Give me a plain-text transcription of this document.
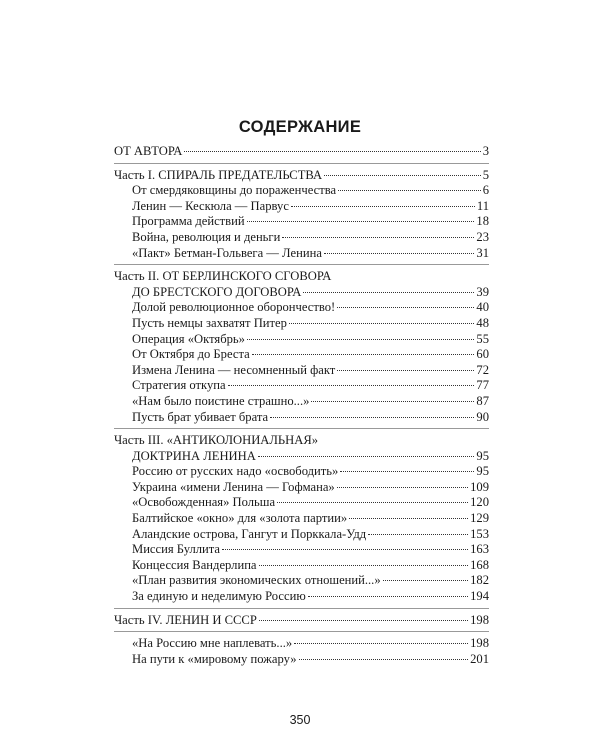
СОДЕРЖАНИЕ
ОТ АВТОРА	3
Часть I. СПИРАЛЬ ПРЕДАТЕЛЬСТВА	5
От смердяковщины до пораженчества	6
Ленин — Кескюла — Парвус	11
Программа действий	18
Война, революция и деньги	23
«Пакт» Бетман-Гольвега — Ленина	31
Часть II. ОТ БЕРЛИНСКОГО СГОВОРА
ДО БРЕСТСКОГО ДОГОВОРА	39
Долой революционное оборончество!	40
Пусть немцы захватят Питер	48
Операция «Октябрь»	55
От Октября до Бреста	60
Измена Ленина — несомненный факт	72
Стратегия откупа	77
«Нам было поистине страшно...»	87
Пусть брат убивает брата	90
Часть III. «АНТИКОЛОНИАЛЬНАЯ»
ДОКТРИНА ЛЕНИНА	95
Россию от русских надо «освободить»	95
Украина «имени Ленина — Гофмана»	109
«Освобожденная» Польша	120
Балтийское «окно» для «золота партии»	129
Аландские острова, Гангут и Порккала-Удд	153
Миссия Буллита	163
Концессия Вандерлипа	168
«План развития экономических отношений...»	182
За единую и неделимую Россию	194
Часть IV. ЛЕНИН И СССР	198
«На Россию мне наплевать...»	198
На пути к «мировому пожару»	201
350
